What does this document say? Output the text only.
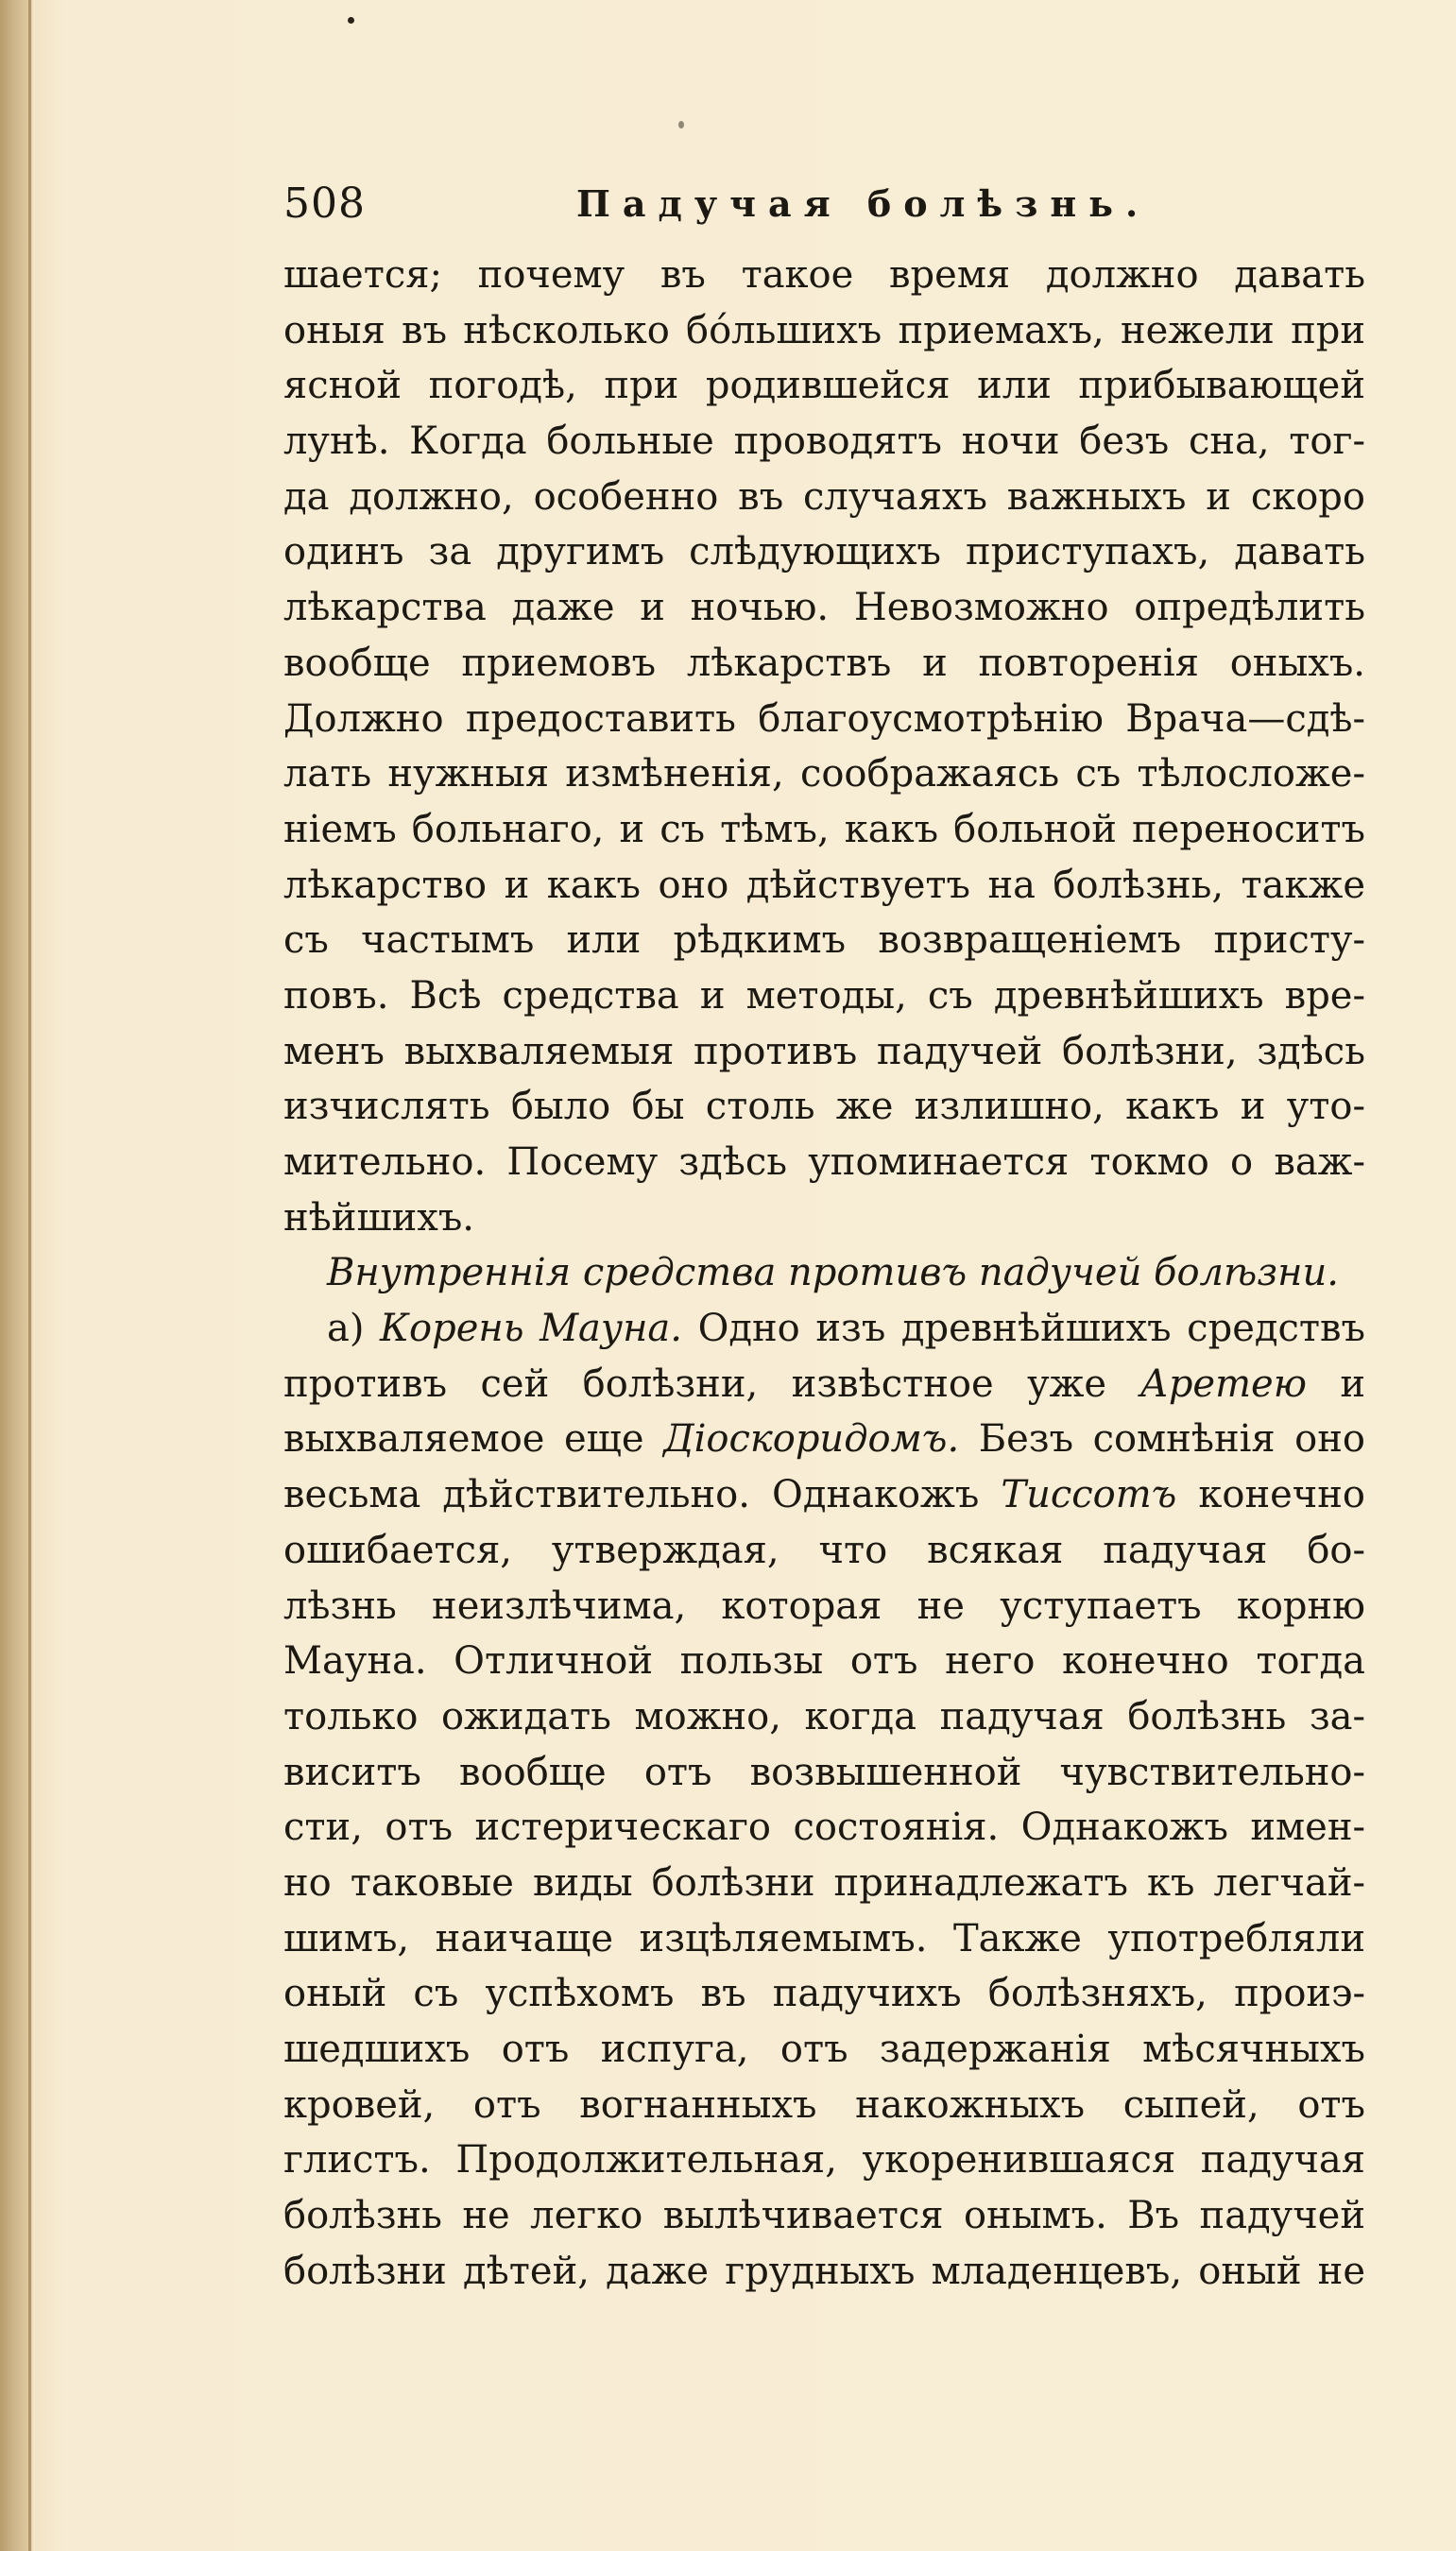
508	Падучая болѣзнь.
шается; почему въ такое время должно давать
оныя въ нѣсколько бо́льшихъ приемахъ, нежели при
ясной погодѣ, при родившейся или прибывающей
лунѣ. Когда больные проводятъ ночи безъ сна, тог-
да должно, особенно въ случаяхъ важныхъ и скоро
одинъ за другимъ слѣдующихъ приступахъ, давать
лѣкарства даже и ночью. Невозможно опредѣлить
вообще приемовъ лѣкарствъ и повторенія оныхъ.
Должно предоставить благоусмотрѣнію Врача—сдѣ-
лать нужныя измѣненія, соображаясь съ тѣлосложе-
ніемъ больнаго, и съ тѣмъ, какъ больной переноситъ
лѣкарство и какъ оно дѣйствуетъ на болѣзнь, также
съ частымъ или рѣдкимъ возвращеніемъ присту-
повъ. Всѣ средства и методы, съ древнѣйшихъ вре-
менъ выхваляемыя противъ падучей болѣзни, здѣсь
изчислять было бы столь же излишно, какъ и уто-
мительно. Посему здѣсь упоминается токмо о важ-
нѣйшихъ.
Внутреннія средства противъ падучей болѣзни.
a) Корень Мауна. Одно изъ древнѣйшихъ средствъ
противъ сей болѣзни, извѣстное уже Аретею и
выхваляемое еще Діоскоридомъ. Безъ сомнѣнія оно
весьма дѣйствительно. Однакожъ Тиссотъ конечно
ошибается, утверждая, что всякая падучая бо-
лѣзнь неизлѣчима, которая не уступаетъ корню
Мауна. Отличной пользы отъ него конечно тогда
только ожидать можно, когда падучая болѣзнь за-
виситъ вообще отъ возвышенной чувствительно-
сти, отъ истерическаго состоянія. Однакожъ имен-
но таковые виды болѣзни принадлежатъ къ легчай-
шимъ, наичаще изцѣляемымъ. Также употребляли
оный съ успѣхомъ въ падучихъ болѣзняхъ, проиэ-
шедшихъ отъ испуга, отъ задержанія мѣсячныхъ
кровей, отъ вогнанныхъ накожныхъ сыпей, отъ
глистъ. Продолжительная, укоренившаяся падучая
болѣзнь не легко вылѣчивается онымъ. Въ падучей
болѣзни дѣтей, даже грудныхъ младенцевъ, оный не
